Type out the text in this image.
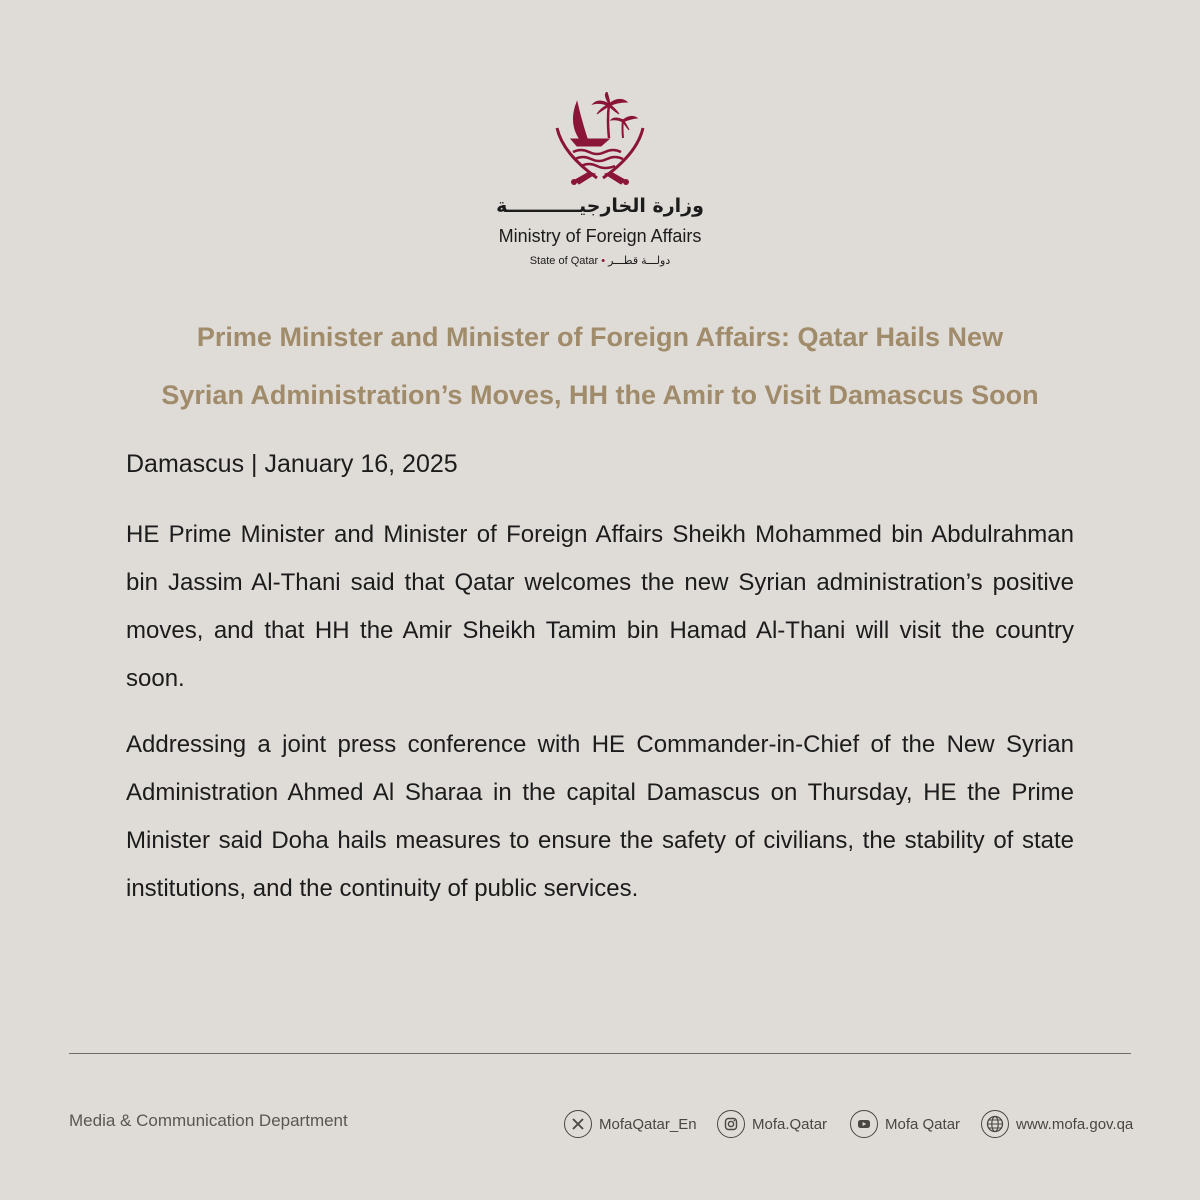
وزارة الخارجيـــــــــــة
Ministry of Foreign Affairs
State of Qatar • دولـــة قطـــر
Prime Minister and Minister of Foreign Affairs: Qatar Hails New
Syrian Administration’s Moves, HH the Amir to Visit Damascus Soon
Damascus | January 16, 2025
HE Prime Minister and Minister of Foreign Affairs Sheikh Mohammed bin Abdulrahman bin Jassim Al-Thani said that Qatar welcomes the new Syrian administration’s positive moves, and that HH the Amir Sheikh Tamim bin Hamad Al-Thani will visit the country soon.
Addressing a joint press conference with HE Commander-in-Chief of the New Syrian Administration Ahmed Al Sharaa in the capital Damascus on Thursday, HE the Prime Minister said Doha hails measures to ensure the safety of civilians, the stability of state institutions, and the continuity of public services.
Media & Communication Department	MofaQatar_En	Mofa.Qatar	Mofa Qatar	www.mofa.gov.qa
